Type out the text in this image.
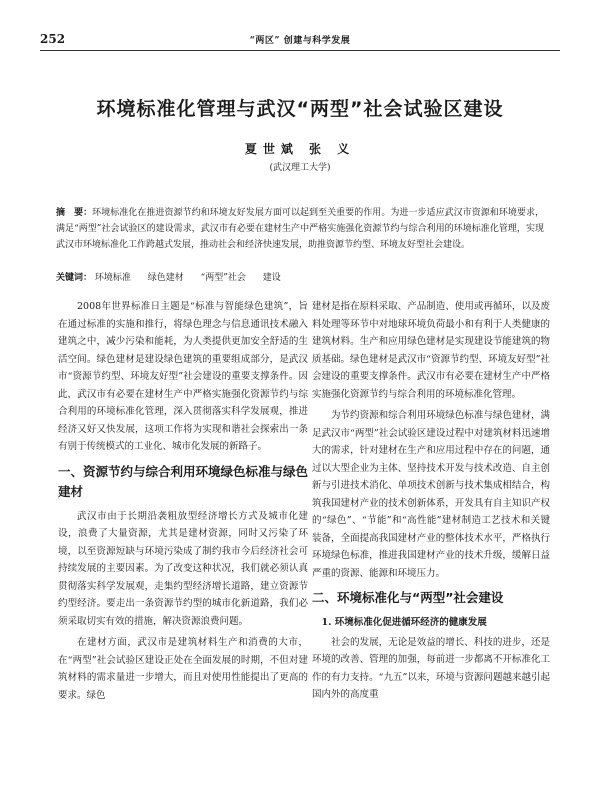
252	“两区” 创建与科学发展
环境标准化管理与武汉“两型”社会试验区建设
夏世斌 张 义
(武汉理工大学)
摘　要：环境标准化在推进资源节约和环境友好发展方面可以起到至关重要的作用。为进一步适应武汉市资源和环境要求，满足“两型”社会试验区的建设需求，武汉市有必要在建材生产中严格实施强化资源节约与综合利用的环境标准化管理，实现武汉市环境标准化工作跨越式发展，推动社会和经济快速发展，助推资源节约型、环境友好型社会建设。
关键词： 环境标准 绿色建材 “两型”社会 建设

2008年世界标准日主题是“标准与智能绿色建筑”，旨在通过标准的实施和推行，将绿色理念与信息通讯技术融入建筑之中，减少污染和能耗，为人类提供更加安全舒适的生活空间。绿色建材是建设绿色建筑的重要组成部分，是武汉市“资源节约型、环境友好型”社会建设的重要支撑条件。因此，武汉市有必要在建材生产中严格实施强化资源节约与综合利用的环境标准化管理，深入贯彻落实科学发展观，推进经济又好又快发展，这项工作将为实现和谐社会探索出一条有别于传统模式的工业化、城市化发展的新路子。

一、资源节约与综合利用环境绿色标准与绿色建材

武汉市由于长期沿袭粗放型经济增长方式及城市化建设，浪费了大量资源，尤其是建材资源，同时又污染了环境，以至资源短缺与环境污染成了制约我市今后经济社会可持续发展的主要因素。为了改变这种状况，我们就必须认真贯彻落实科学发展观，走集约型经济增长道路，建立资源节约型经济。要走出一条资源节约型的城市化新道路，我们必须采取切实有效的措施，解决资源浪费问题。

在建材方面，武汉市是建筑材料生产和消费的大市，在“两型”社会试验区建设正处在全面发展的时期，不但对建筑材料的需求量进一步增大，而且对使用性能提出了更高的要求。绿色

建材是指在原料采取、产品制造、使用或再循环，以及废料处理等环节中对地球环境负荷最小和有利于人类健康的建筑材料。生产和应用绿色建材是实现建设节能建筑的物质基础。绿色建材是武汉市“资源节约型、环境友好型”社会建设的重要支撑条件。武汉市有必要在建材生产中严格实施强化资源节约与综合利用的环境标准化管理。

为节约资源和综合利用环境绿色标准与绿色建材，满足武汉市“两型”社会试验区建设过程中对建筑材料迅速增大的需求，针对建材在生产和应用过程中存在的问题，通过以大型企业为主体、坚持技术开发与技术改造、自主创新与引进技术消化、单项技术创新与技术集成相结合，构筑我国建材产业的技术创新体系，开发具有自主知识产权的“绿色”、“节能”和“高性能”建材制造工艺技术和关键装备，全面提高我国建材产业的整体技术水平，严格执行环境绿色标准，推进我国建材产业的技术升级，缓解日益严重的资源、能源和环境压力。

二、环境标准化与“两型”社会建设
1. 环境标准化促进循环经济的健康发展

社会的发展，无论是效益的增长、科技的进步，还是环境的改善、管理的加强，每前进一步都离不开标准化工作的有力支持。“九五”以来，环境与资源问题越来越引起国内外的高度重
